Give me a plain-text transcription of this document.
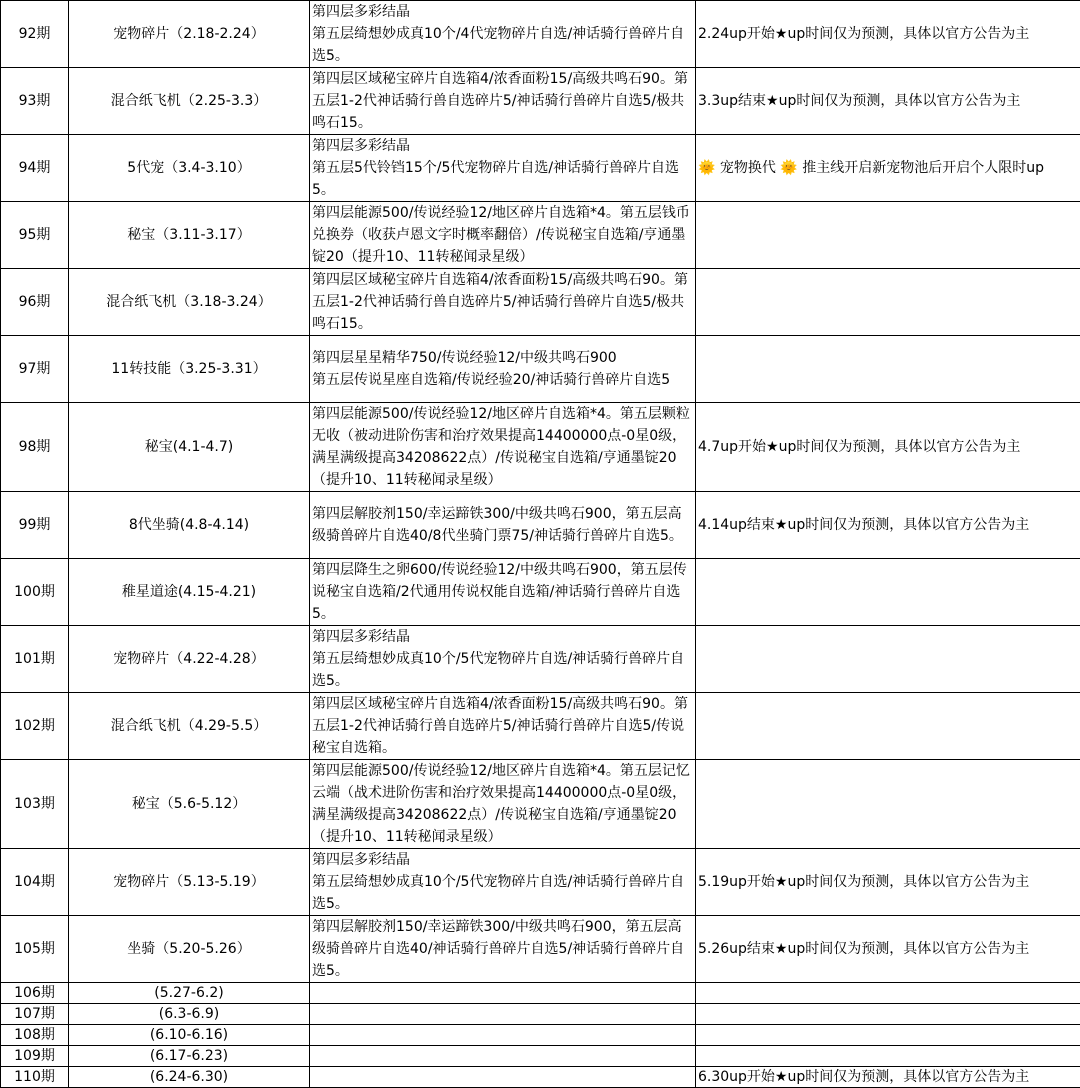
92期	宠物碎片（2.18-2.24）	第四层多彩结晶
第五层绮想妙成真10个/4代宠物碎片自选/神话骑行兽碎片自选5。	2.24up开始★up时间仅为预测，具体以官方公告为主
93期	混合纸飞机（2.25-3.3）	第四层区域秘宝碎片自选箱4/浓香面粉15/高级共鸣石90。第五层1-2代神话骑行兽自选碎片5/神话骑行兽碎片自选5/极共鸣石15。	3.3up结束★up时间仅为预测，具体以官方公告为主
94期	5代宠（3.4-3.10）	第四层多彩结晶
第五层5代铃铛15个/5代宠物碎片自选/神话骑行兽碎片自选5。	🌞 宠物换代 🌞 推主线开启新宠物池后开启个人限时up
95期	秘宝（3.11-3.17）	第四层能源500/传说经验12/地区碎片自选箱*4。第五层钱币兑换券（收获卢恩文字时概率翻倍）/传说秘宝自选箱/亨通墨锭20（提升10、11转秘闻录星级）	

96期	混合纸飞机（3.18-3.24）	第四层区域秘宝碎片自选箱4/浓香面粉15/高级共鸣石90。第五层1-2代神话骑行兽自选碎片5/神话骑行兽碎片自选5/极共鸣石15。	

97期	11转技能（3.25-3.31）	第四层星星精华750/传说经验12/中级共鸣石900
第五层传说星座自选箱/传说经验20/神话骑行兽碎片自选5	

98期	秘宝(4.1-4.7)	第四层能源500/传说经验12/地区碎片自选箱*4。第五层颗粒无收（被动进阶伤害和治疗效果提高14400000点-0星0级，满星满级提高34208622点）/传说秘宝自选箱/亨通墨锭20（提升10、11转秘闻录星级）	4.7up开始★up时间仅为预测，具体以官方公告为主
99期	8代坐骑(4.8-4.14)	第四层解胶剂150/幸运蹄铁300/中级共鸣石900，第五层高级骑兽碎片自选40/8代坐骑门票75/神话骑行兽碎片自选5。	4.14up结束★up时间仅为预测，具体以官方公告为主
100期	稚星道途(4.15-4.21)	第四层降生之卵600/传说经验12/中级共鸣石900，第五层传说秘宝自选箱/2代通用传说权能自选箱/神话骑行兽碎片自选5。	

101期	宠物碎片（4.22-4.28）	第四层多彩结晶
第五层绮想妙成真10个/5代宠物碎片自选/神话骑行兽碎片自选5。	

102期	混合纸飞机（4.29-5.5）	第四层区域秘宝碎片自选箱4/浓香面粉15/高级共鸣石90。第五层1-2代神话骑行兽自选碎片5/神话骑行兽碎片自选5/传说秘宝自选箱。	

103期	秘宝（5.6-5.12）	第四层能源500/传说经验12/地区碎片自选箱*4。第五层记忆云端（战术进阶伤害和治疗效果提高14400000点-0星0级，满星满级提高34208622点）/传说秘宝自选箱/亨通墨锭20（提升10、11转秘闻录星级）	

104期	宠物碎片（5.13-5.19）	第四层多彩结晶
第五层绮想妙成真10个/5代宠物碎片自选/神话骑行兽碎片自选5。	5.19up开始★up时间仅为预测，具体以官方公告为主
105期	坐骑（5.20-5.26）	第四层解胶剂150/幸运蹄铁300/中级共鸣石900，第五层高级骑兽碎片自选40/神话骑行兽碎片自选5/神话骑行兽碎片自选5。	5.26up结束★up时间仅为预测，具体以官方公告为主
106期	(5.27-6.2)		
107期	(6.3-6.9)		
108期	(6.10-6.16)		
109期	(6.17-6.23)		
110期	(6.24-6.30)		6.30up开始★up时间仅为预测，具体以官方公告为主
